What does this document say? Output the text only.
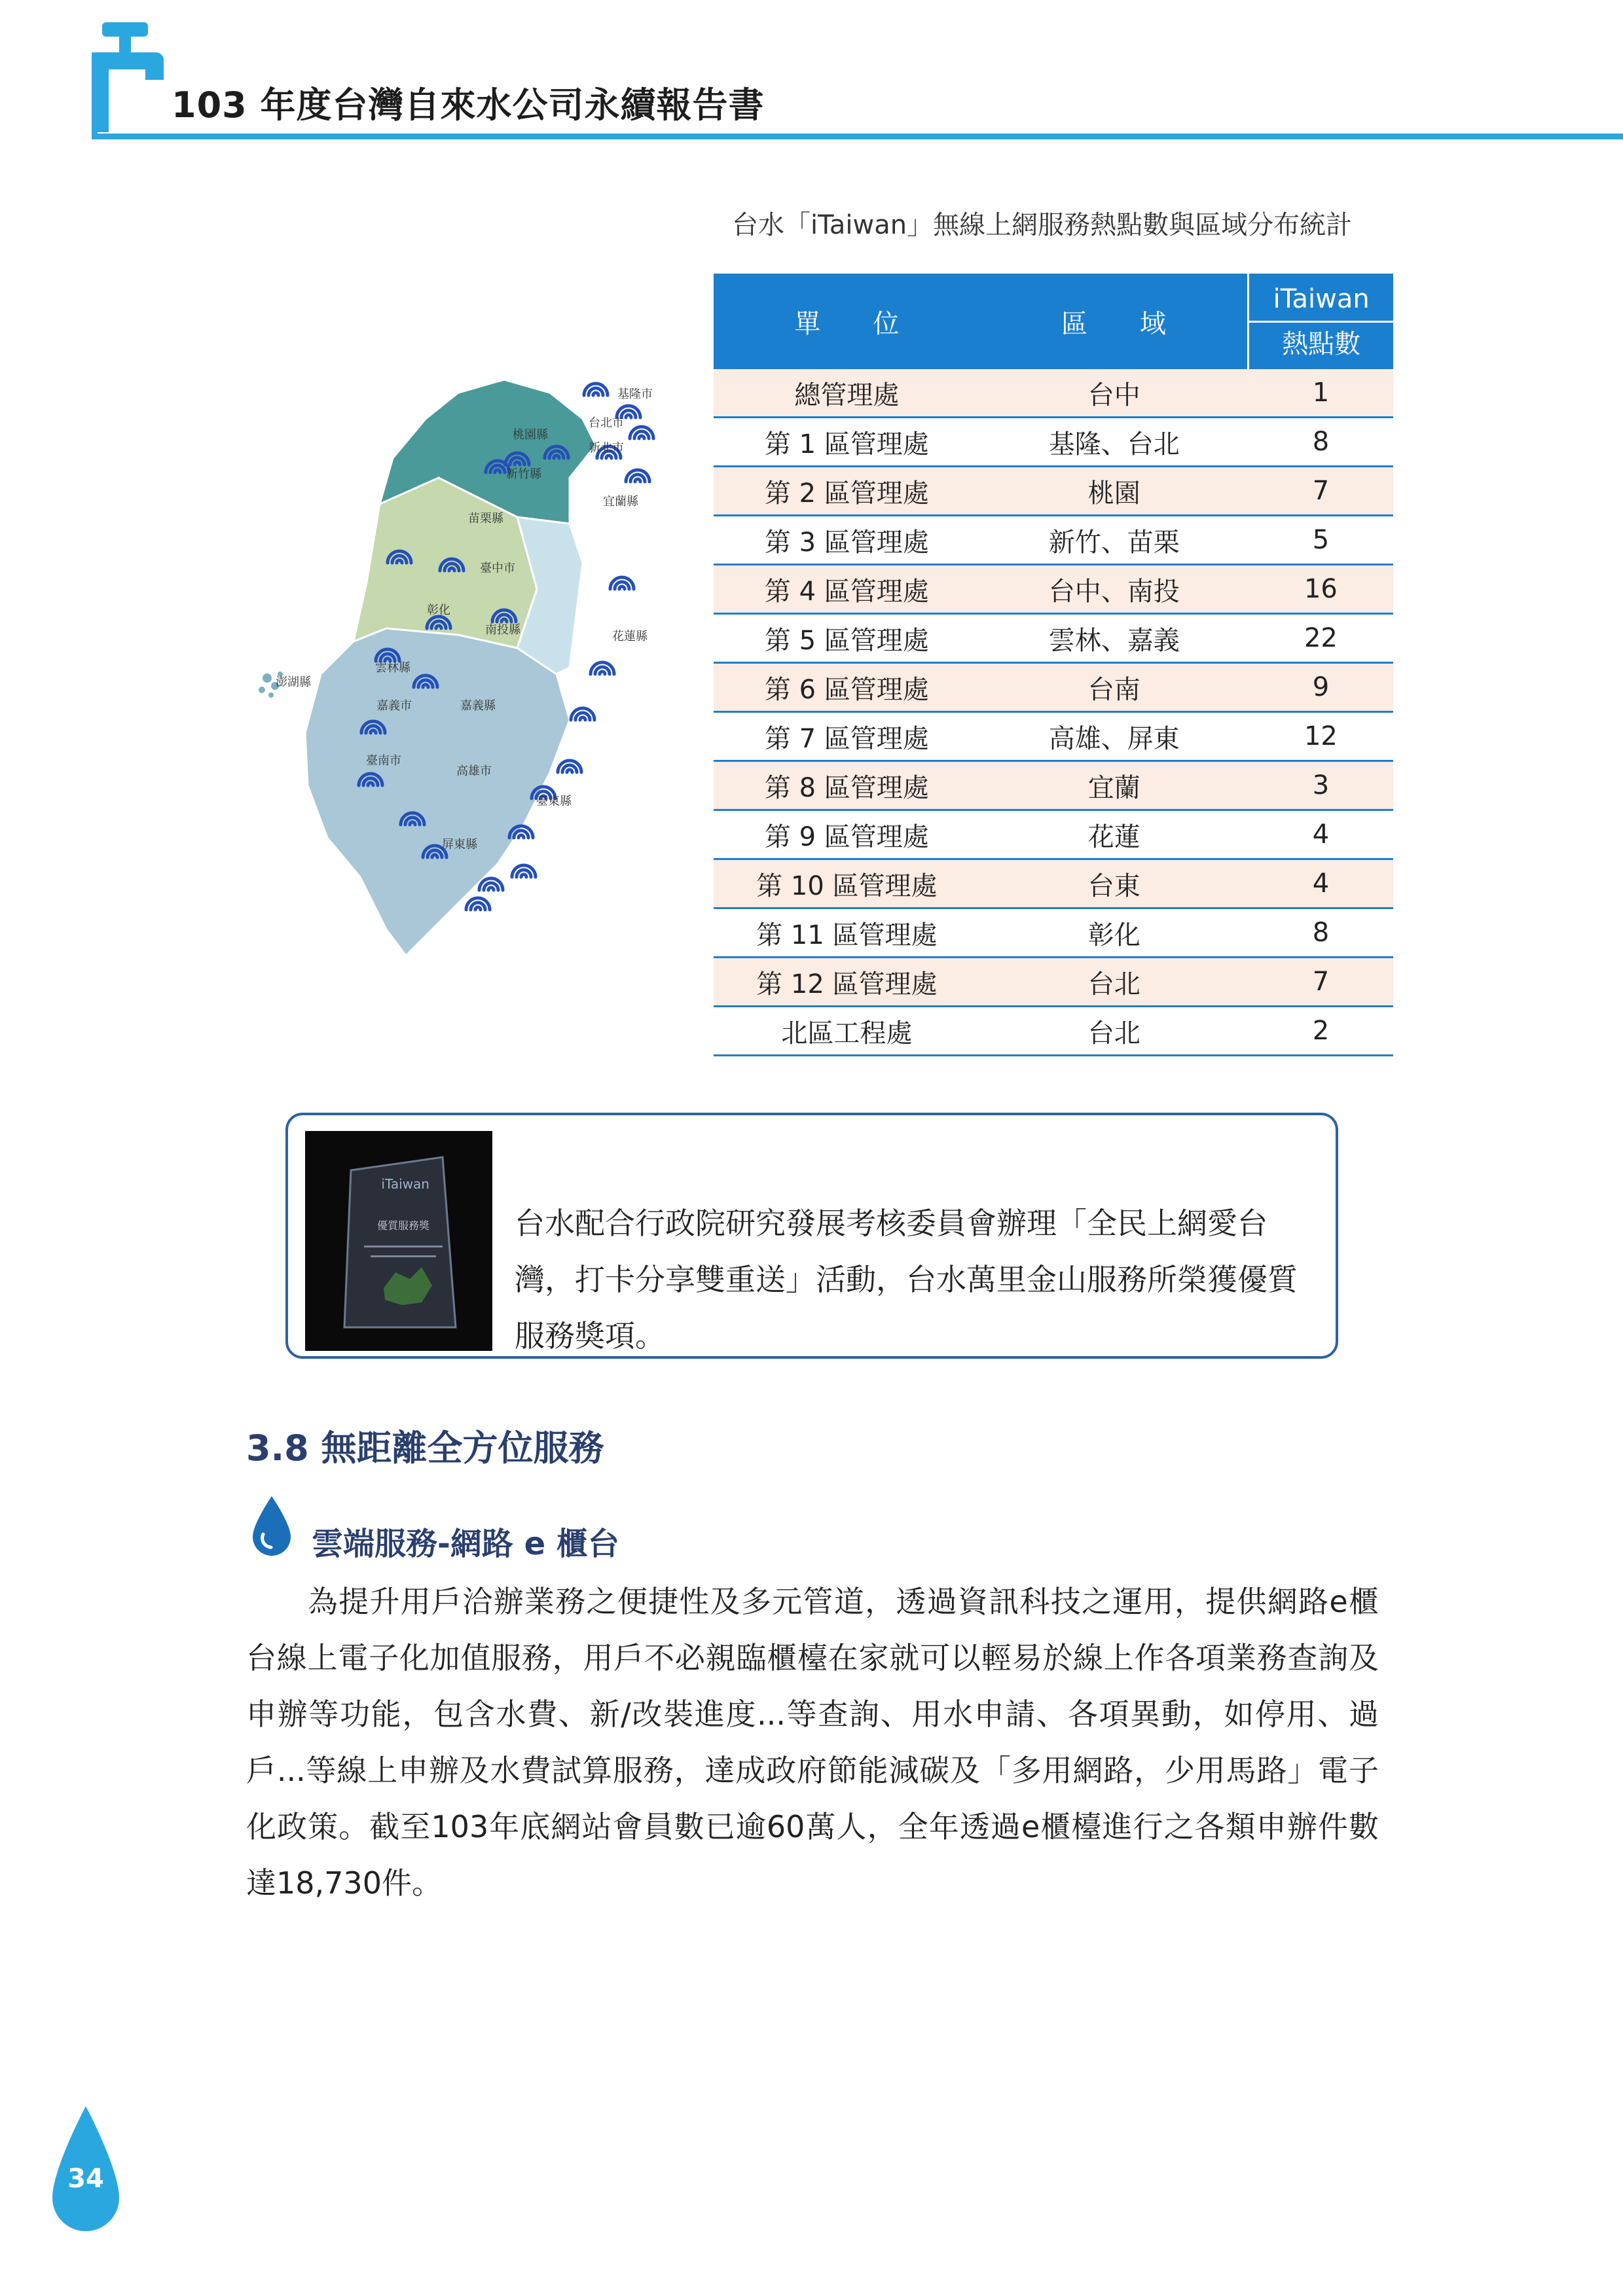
103 年度台灣自來水公司永續報告書
台水「iTaiwan」無線上網服務熱點數與區域分布統計
單　　位	區　　域	iTaiwan
熱點數

總管理處	台中	1
第 1 區管理處	基隆、台北	8
第 2 區管理處	桃園	7
第 3 區管理處	新竹、苗栗	5
第 4 區管理處	台中、南投	16
第 5 區管理處	雲林、嘉義	22
第 6 區管理處	台南	9
第 7 區管理處	高雄、屏東	12
第 8 區管理處	宜蘭	3
第 9 區管理處	花蓮	4
第 10 區管理處	台東	4
第 11 區管理處	彰化	8
第 12 區管理處	台北	7
北區工程處	台北	2
基隆市
台北市
桃園縣
新北市
新竹縣
宜蘭縣
苗栗縣
臺中市
彰化
南投縣	花蓮縣
雲林縣
嘉義市	嘉義縣
臺南市
高雄市
臺東縣
屏東縣
澎湖縣
iTaiwan
優質服務獎	台水配合行政院研究發展考核委員會辦理「全民上網愛台灣，打卡分享雙重送」活動，台水萬里金山服務所榮獲優質服務獎項。
3.8 無距離全方位服務
雲端服務-網路 e 櫃台
為提升用戶洽辦業務之便捷性及多元管道，透過資訊科技之運用，提供網路e櫃台線上電子化加值服務，用戶不必親臨櫃檯在家就可以輕易於線上作各項業務查詢及申辦等功能，包含水費、新/改裝進度...等查詢、用水申請、各項異動，如停用、過戶...等線上申辦及水費試算服務，達成政府節能減碳及「多用網路，少用馬路」電子化政策。截至103年底網站會員數已逾60萬人，全年透過e櫃檯進行之各類申辦件數達18,730件。
34
